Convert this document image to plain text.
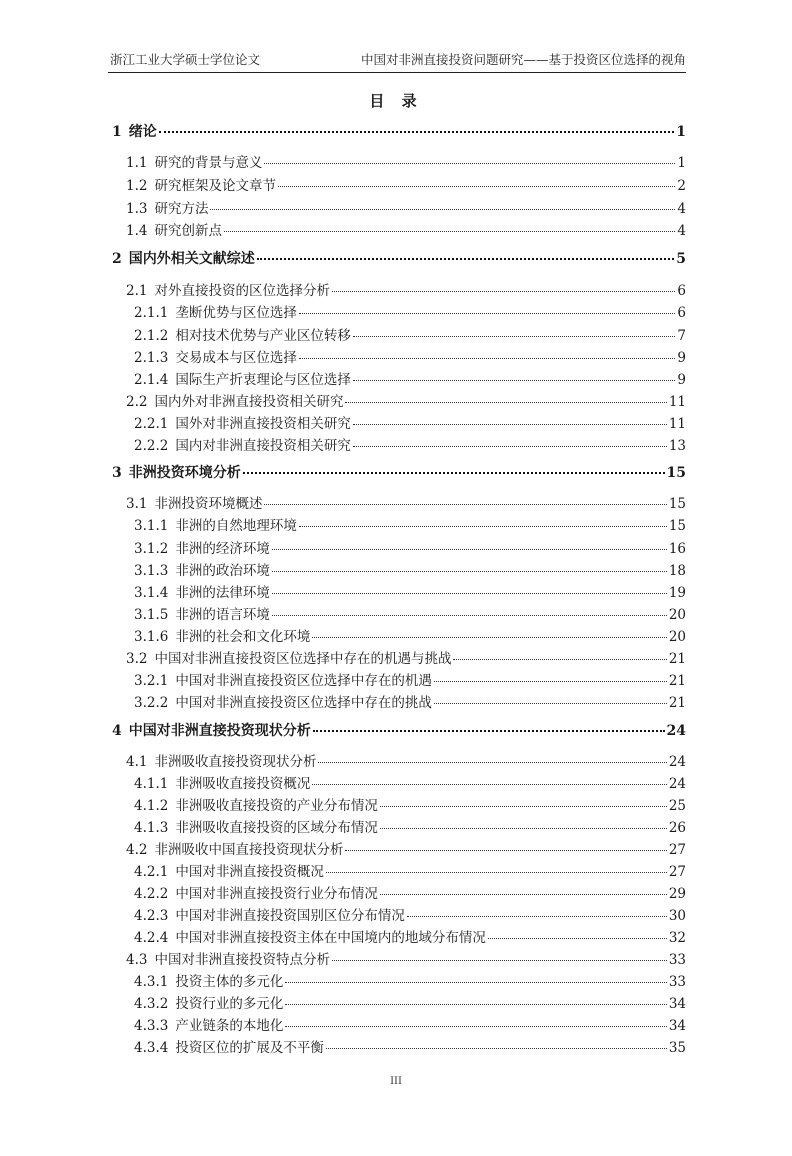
浙江工业大学硕士学位论文	中国对非洲直接投资问题研究——基于投资区位选择的视角
目 录
1 绪论	1
1.1 研究的背景与意义	1
1.2 研究框架及论文章节	2
1.3 研究方法	4
1.4 研究创新点	4
2 国内外相关文献综述	5
2.1 对外直接投资的区位选择分析	6
2.1.1 垄断优势与区位选择	6
2.1.2 相对技术优势与产业区位转移	7
2.1.3 交易成本与区位选择	9
2.1.4 国际生产折衷理论与区位选择	9
2.2 国内外对非洲直接投资相关研究	11
2.2.1 国外对非洲直接投资相关研究	11
2.2.2 国内对非洲直接投资相关研究	13
3 非洲投资环境分析	15
3.1 非洲投资环境概述	15
3.1.1 非洲的自然地理环境	15
3.1.2 非洲的经济环境	16
3.1.3 非洲的政治环境	18
3.1.4 非洲的法律环境	19
3.1.5 非洲的语言环境	20
3.1.6 非洲的社会和文化环境	20
3.2 中国对非洲直接投资区位选择中存在的机遇与挑战	21
3.2.1 中国对非洲直接投资区位选择中存在的机遇	21
3.2.2 中国对非洲直接投资区位选择中存在的挑战	21
4 中国对非洲直接投资现状分析	24
4.1 非洲吸收直接投资现状分析	24
4.1.1 非洲吸收直接投资概况	24
4.1.2 非洲吸收直接投资的产业分布情况	25
4.1.3 非洲吸收直接投资的区域分布情况	26
4.2 非洲吸收中国直接投资现状分析	27
4.2.1 中国对非洲直接投资概况	27
4.2.2 中国对非洲直接投资行业分布情况	29
4.2.3 中国对非洲直接投资国别区位分布情况	30
4.2.4 中国对非洲直接投资主体在中国境内的地域分布情况	32
4.3 中国对非洲直接投资特点分析	33
4.3.1 投资主体的多元化	33
4.3.2 投资行业的多元化	34
4.3.3 产业链条的本地化	34
4.3.4 投资区位的扩展及不平衡	35
III
